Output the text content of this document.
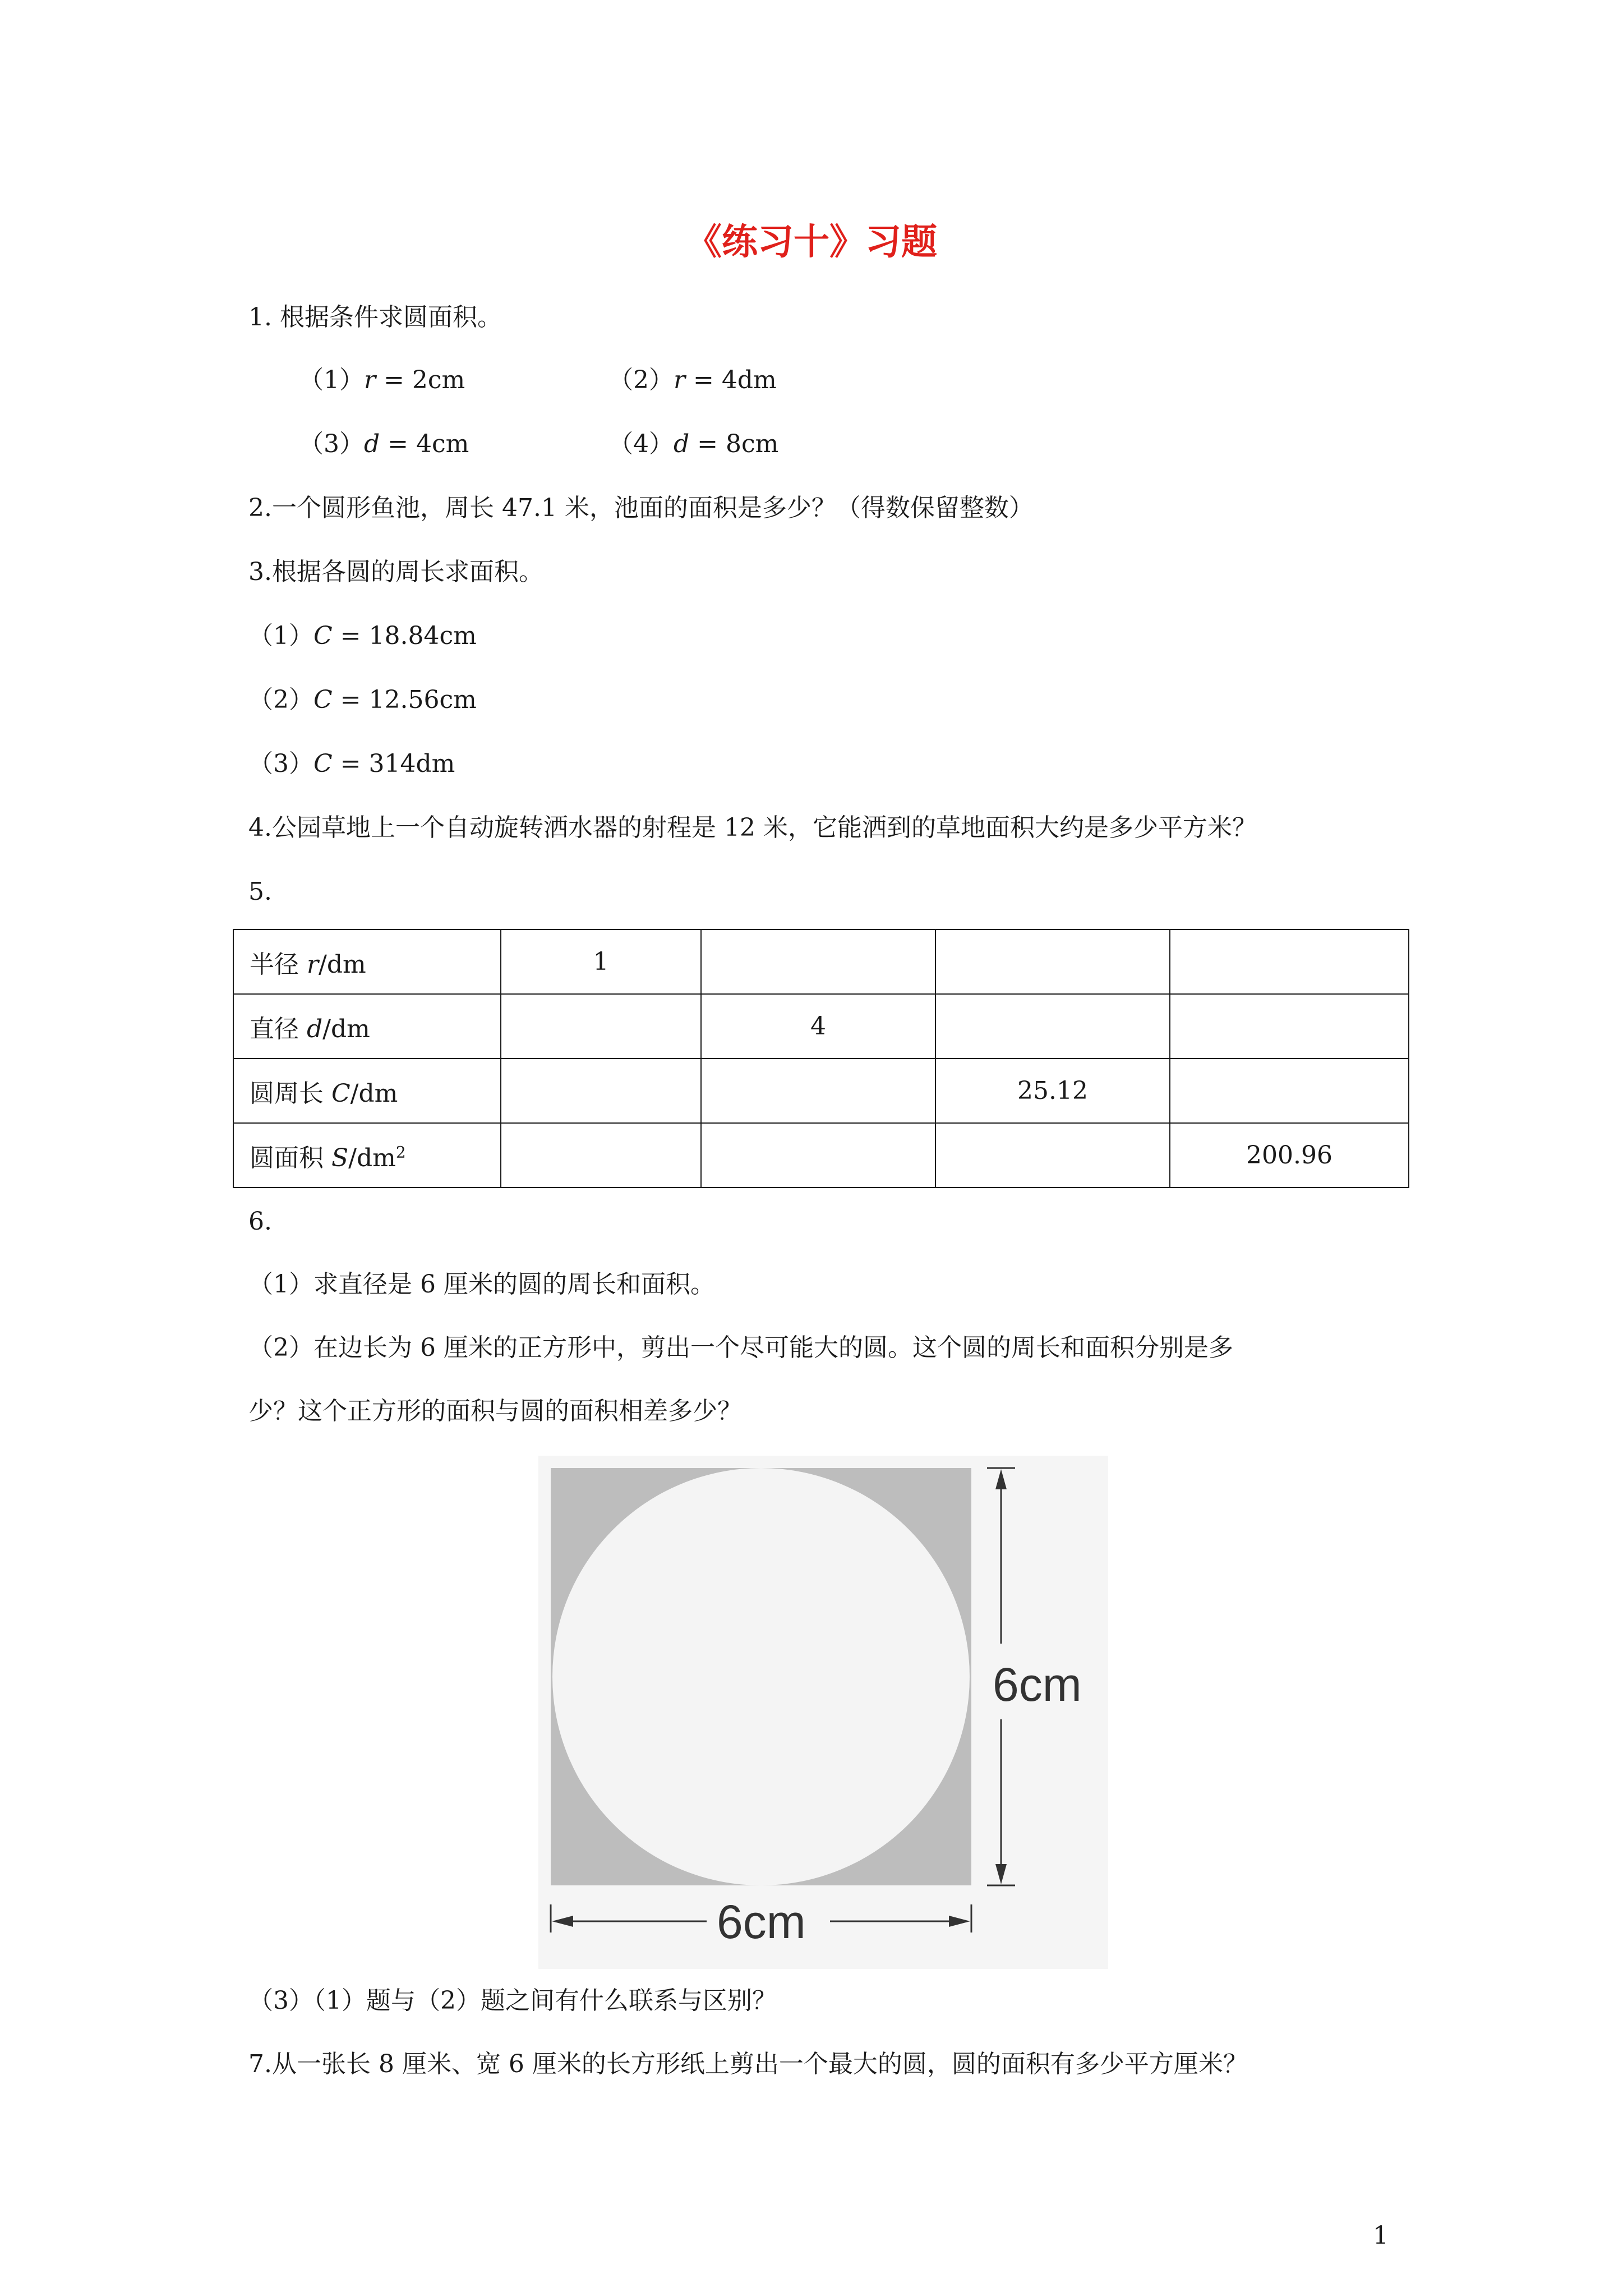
《练习十》习题
1. 根据条件求圆面积。
（1）r = 2cm	（2）r = 4dm
（3）d = 4cm	（4）d = 8cm
2.一个圆形鱼池，周长 47.1 米，池面的面积是多少？（得数保留整数）
3.根据各圆的周长求面积。
（1）C = 18.84cm
（2）C = 12.56cm
（3）C = 314dm
4.公园草地上一个自动旋转洒水器的射程是 12 米，它能洒到的草地面积大约是多少平方米？
5.
半径 r/dm	1			
直径 d/dm		4		
圆周长 C/dm			25.12	
圆面积 $S/dm^2$				200.96
6.
（1）求直径是 6 厘米的圆的周长和面积。
（2）在边长为 6 厘米的正方形中，剪出一个尽可能大的圆。这个圆的周长和面积分别是多
少？这个正方形的面积与圆的面积相差多少？
6cm
6cm
（3）（1）题与（2）题之间有什么联系与区别？
7.从一张长 8 厘米、宽 6 厘米的长方形纸上剪出一个最大的圆，圆的面积有多少平方厘米？
1
